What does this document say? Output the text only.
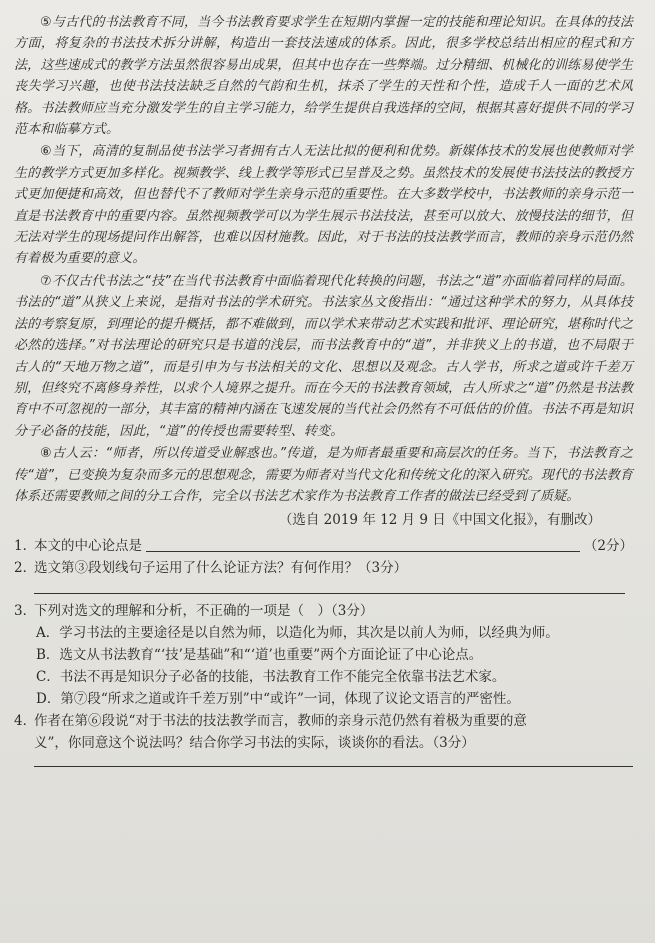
⑤与古代的书法教育不同，当今书法教育要求学生在短期内掌握一定的技能和理论知识。在具体的技法方面，将复杂的书法技术拆分讲解，构造出一套技法速成的体系。因此，很多学校总结出相应的程式和方法，这些速成式的教学方法虽然很容易出成果，但其中也存在一些弊端。过分精细、机械化的训练易使学生丧失学习兴趣，也使书法技法缺乏自然的气韵和生机，抹杀了学生的天性和个性，造成千人一面的艺术风格。书法教师应当充分激发学生的自主学习能力，给学生提供自我选择的空间，根据其喜好提供不同的学习范本和临摹方式。

⑥当下，高清的复制品使书法学习者拥有古人无法比拟的便利和优势。新媒体技术的发展也使教师对学生的教学方式更加多样化。视频教学、线上教学等形式已呈普及之势。虽然技术的发展使书法技法的教授方式更加便捷和高效，但也替代不了教师对学生亲身示范的重要性。在大多数学校中，书法教师的亲身示范一直是书法教育中的重要内容。虽然视频教学可以为学生展示书法技法，甚至可以放大、放慢技法的细节，但无法对学生的现场提问作出解答，也难以因材施教。因此，对于书法的技法教学而言，教师的亲身示范仍然有着极为重要的意义。

⑦不仅古代书法之“技”在当代书法教育中面临着现代化转换的问题，书法之“道”亦面临着同样的局面。书法的“道”从狭义上来说，是指对书法的学术研究。书法家丛文俊指出：“通过这种学术的努力，从具体技法的考察复原，到理论的提升概括，都不难做到，而以学术来带动艺术实践和批评、理论研究，堪称时代之必然的选择。”对书法理论的研究只是书道的浅层，而书法教育中的“道”，并非狭义上的书道，也不局限于古人的“天地万物之道”，而是引申为与书法相关的文化、思想以及观念。古人学书，所求之道或许千差万别，但终究不离修身养性，以求个人境界之提升。而在今天的书法教育领域，古人所求之“道”仍然是书法教育中不可忽视的一部分，其丰富的精神内涵在飞速发展的当代社会仍然有不可低估的价值。书法不再是知识分子必备的技能，因此，“道”的传授也需要转型、转变。

⑧古人云：“师者，所以传道受业解惑也。”传道，是为师者最重要和高层次的任务。当下，书法教育之传“道”，已变换为复杂而多元的思想观念，需要为师者对当代文化和传统文化的深入研究。现代的书法教育体系还需要教师之间的分工合作，完全以书法艺术家作为书法教育工作者的做法已经受到了质疑。

（选自 2019 年 12 月 9 日《中国文化报》，有删改）
1．
本文的中心论点是	（2分）
2．选文第③段划线句子运用了什么论证方法？有何作用？（3分）
3．下列对选文的理解和分析，不正确的一项是（　）（3分）
A．学习书法的主要途径是以自然为师，以造化为师，其次是以前人为师，以经典为师。
B．选文从书法教育“‘技’是基础”和“‘道’也重要”两个方面论证了中心论点。
C．书法不再是知识分子必备的技能，书法教育工作不能完全依靠书法艺术家。
D．第⑦段“所求之道或许千差万别”中“或许”一词，体现了议论文语言的严密性。
4．作者在第⑥段说“对于书法的技法教学而言，教师的亲身示范仍然有着极为重要的意
义”，你同意这个说法吗？结合你学习书法的实际，谈谈你的看法。（3分）
